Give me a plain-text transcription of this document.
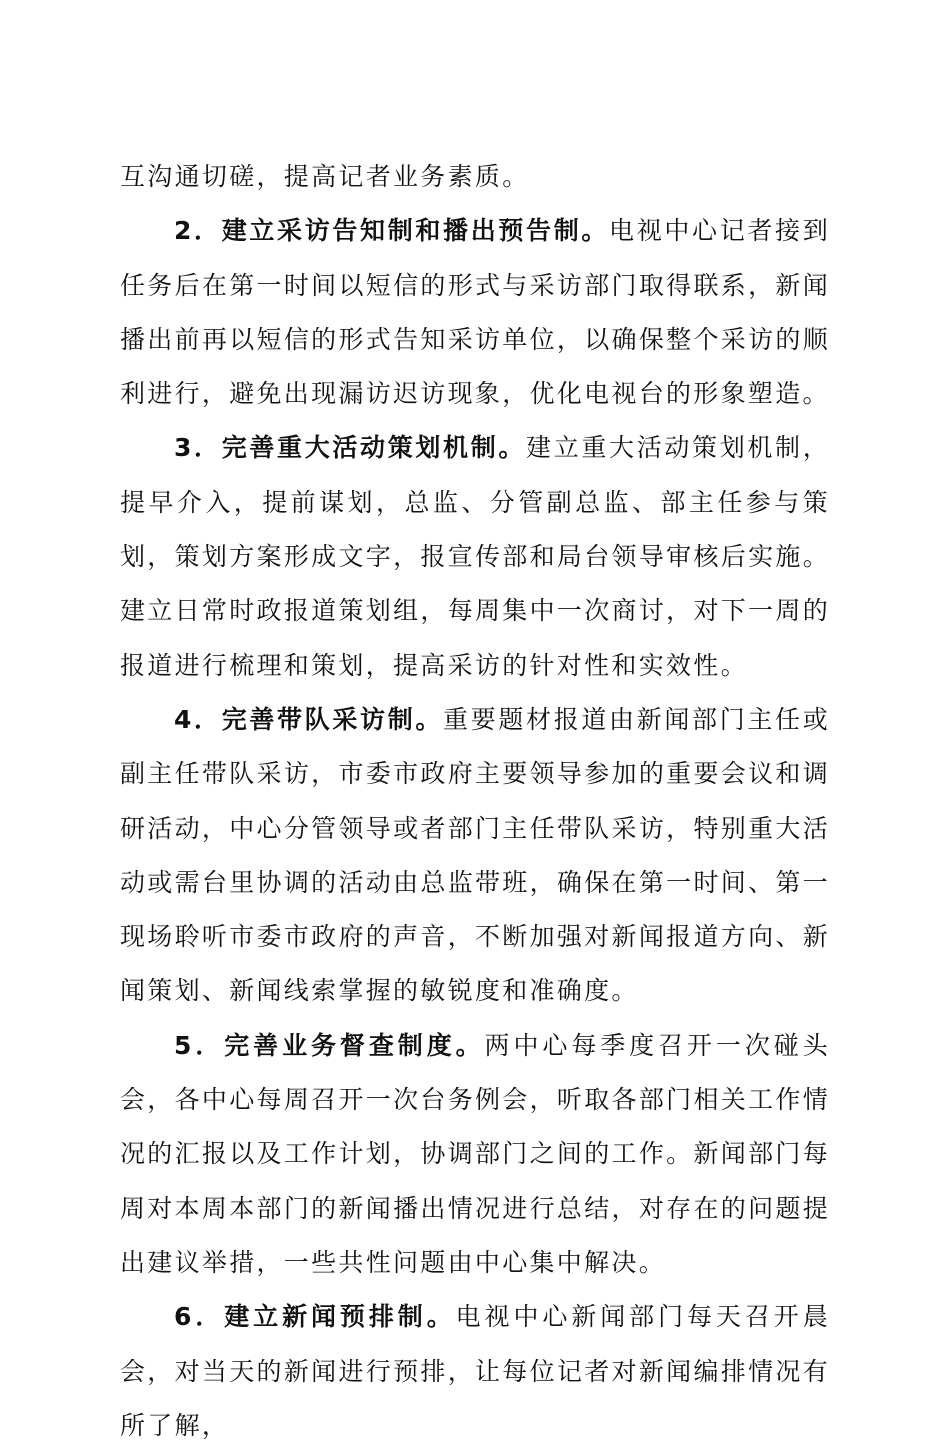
互沟通切磋，提高记者业务素质。

2．建立采访告知制和播出预告制。电视中心记者接到任务后在第一时间以短信的形式与采访部门取得联系，新闻播出前再以短信的形式告知采访单位，以确保整个采访的顺利进行，避免出现漏访迟访现象，优化电视台的形象塑造。

3．完善重大活动策划机制。建立重大活动策划机制，提早介入，提前谋划，总监、分管副总监、部主任参与策划，策划方案形成文字，报宣传部和局台领导审核后实施。建立日常时政报道策划组，每周集中一次商讨，对下一周的报道进行梳理和策划，提高采访的针对性和实效性。

4．完善带队采访制。重要题材报道由新闻部门主任或副主任带队采访，市委市政府主要领导参加的重要会议和调研活动，中心分管领导或者部门主任带队采访，特别重大活动或需台里协调的活动由总监带班，确保在第一时间、第一现场聆听市委市政府的声音，不断加强对新闻报道方向、新闻策划、新闻线索掌握的敏锐度和准确度。

5．完善业务督查制度。两中心每季度召开一次碰头会，各中心每周召开一次台务例会，听取各部门相关工作情况的汇报以及工作计划，协调部门之间的工作。新闻部门每周对本周本部门的新闻播出情况进行总结，对存在的问题提出建议举措，一些共性问题由中心集中解决。

6．建立新闻预排制。电视中心新闻部门每天召开晨会，对当天的新闻进行预排，让每位记者对新闻编排情况有所了解，
